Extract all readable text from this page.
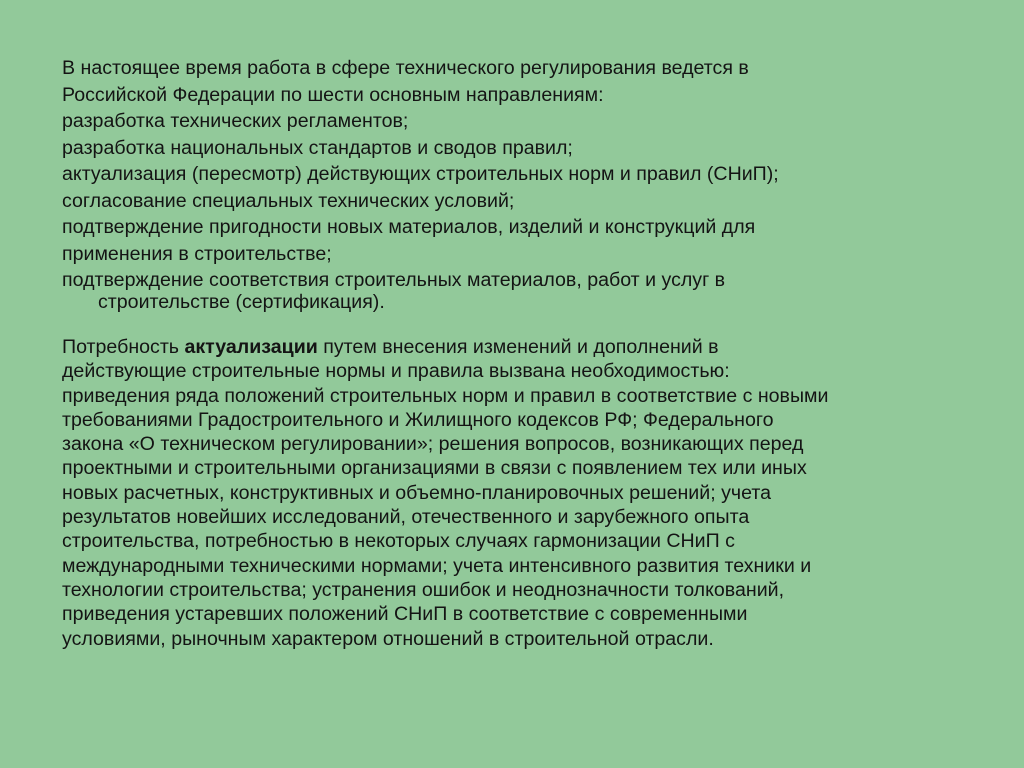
В настоящее время работа в сфере технического регулирования ведется в
Российской Федерации по шести основным направлениям:
разработка технических регламентов;
разработка национальных стандартов и сводов правил;
актуализация (пересмотр) действующих строительных норм и правил (СНиП);
согласование специальных технических условий;
подтверждение пригодности новых материалов, изделий и конструкций для
применения в строительстве;
подтверждение соответствия строительных материалов, работ и услуг в
строительстве (сертификация).
Потребность актуализации путем внесения изменений и дополнений в
действующие строительные нормы и правила вызвана необходимостью:
приведения ряда положений строительных норм и правил в соответствие с новыми
требованиями Градостроительного и Жилищного кодексов РФ; Федерального
закона «О техническом регулировании»; решения вопросов, возникающих перед
проектными и строительными организациями в связи с появлением тех или иных
новых расчетных, конструктивных и объемно-планировочных решений; учета
результатов новейших исследований, отечественного и зарубежного опыта
строительства, потребностью в некоторых случаях гармонизации СНиП с
международными техническими нормами; учета интенсивного развития техники и
технологии строительства; устранения ошибок и неоднозначности толкований,
приведения устаревших положений СНиП в соответствие с современными
условиями, рыночным характером отношений в строительной отрасли.
